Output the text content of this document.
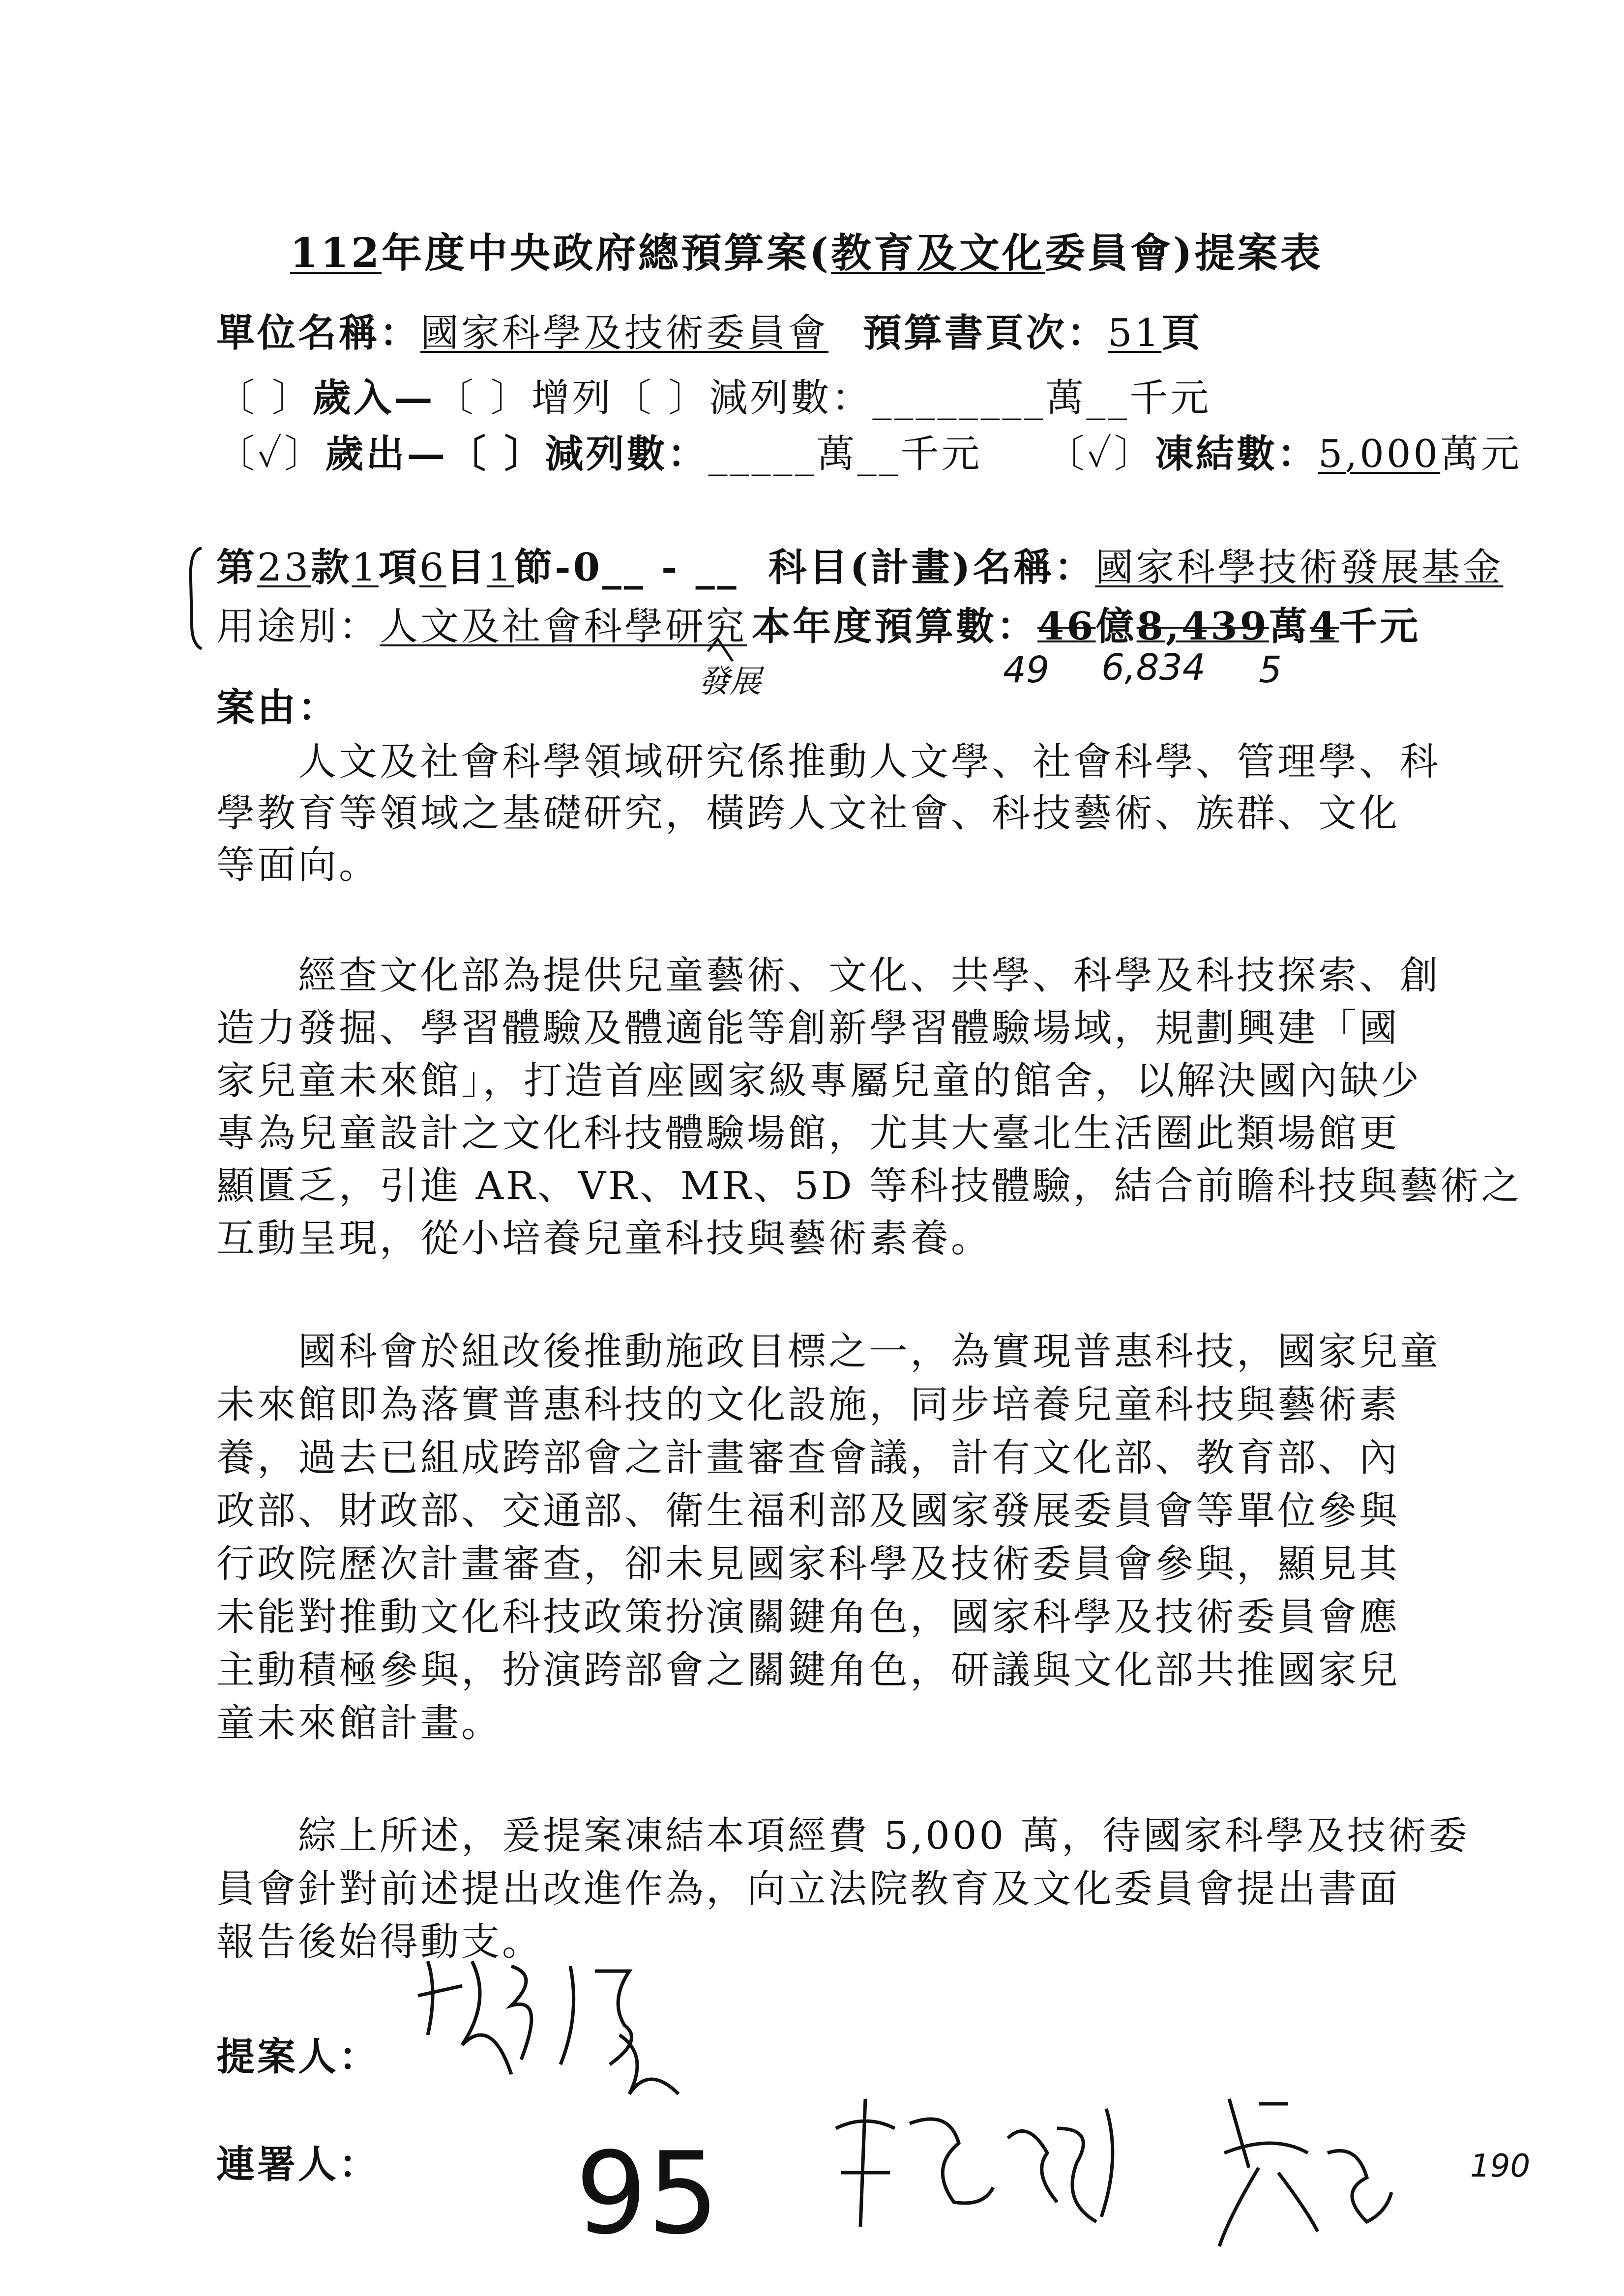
112年度中央政府總預算案(教育及文化委員會)提案表
單位名稱：國家科學及技術委員會 預算書頁次：51頁
〔 〕歲入—〔 〕增列〔 〕減列數：________萬__千元
〔✓〕歲出—〔 〕減列數：_____萬__千元 〔✓〕凍結數：5,000萬元
第23款1項6目1節-0__ - __ 科目(計畫)名稱：國家科學技術發展基金
用途別：人文及社會科學研究 本年度預算數：46億8,439萬4千元
發展	49 6,834 5
案由：
　　人文及社會科學領域研究係推動人文學、社會科學、管理學、科
學教育等領域之基礎研究，橫跨人文社會、科技藝術、族群、文化
等面向。
　　經查文化部為提供兒童藝術、文化、共學、科學及科技探索、創
造力發掘、學習體驗及體適能等創新學習體驗場域，規劃興建「國
家兒童未來館」，打造首座國家級專屬兒童的館舍，以解決國內缺少
專為兒童設計之文化科技體驗場館，尤其大臺北生活圈此類場館更
顯匱乏，引進 AR、VR、MR、5D 等科技體驗，結合前瞻科技與藝術之
互動呈現，從小培養兒童科技與藝術素養。
　　國科會於組改後推動施政目標之一，為實現普惠科技，國家兒童
未來館即為落實普惠科技的文化設施，同步培養兒童科技與藝術素
養，過去已組成跨部會之計畫審查會議，計有文化部、教育部、內
政部、財政部、交通部、衛生福利部及國家發展委員會等單位參與
行政院歷次計畫審查，卻未見國家科學及技術委員會參與，顯見其
未能對推動文化科技政策扮演關鍵角色，國家科學及技術委員會應
主動積極參與，扮演跨部會之關鍵角色，研議與文化部共推國家兒
童未來館計畫。
　　綜上所述，爰提案凍結本項經費 5,000 萬，待國家科學及技術委
員會針對前述提出改進作為，向立法院教育及文化委員會提出書面
報告後始得動支。
提案人：
連署人： 95	190
